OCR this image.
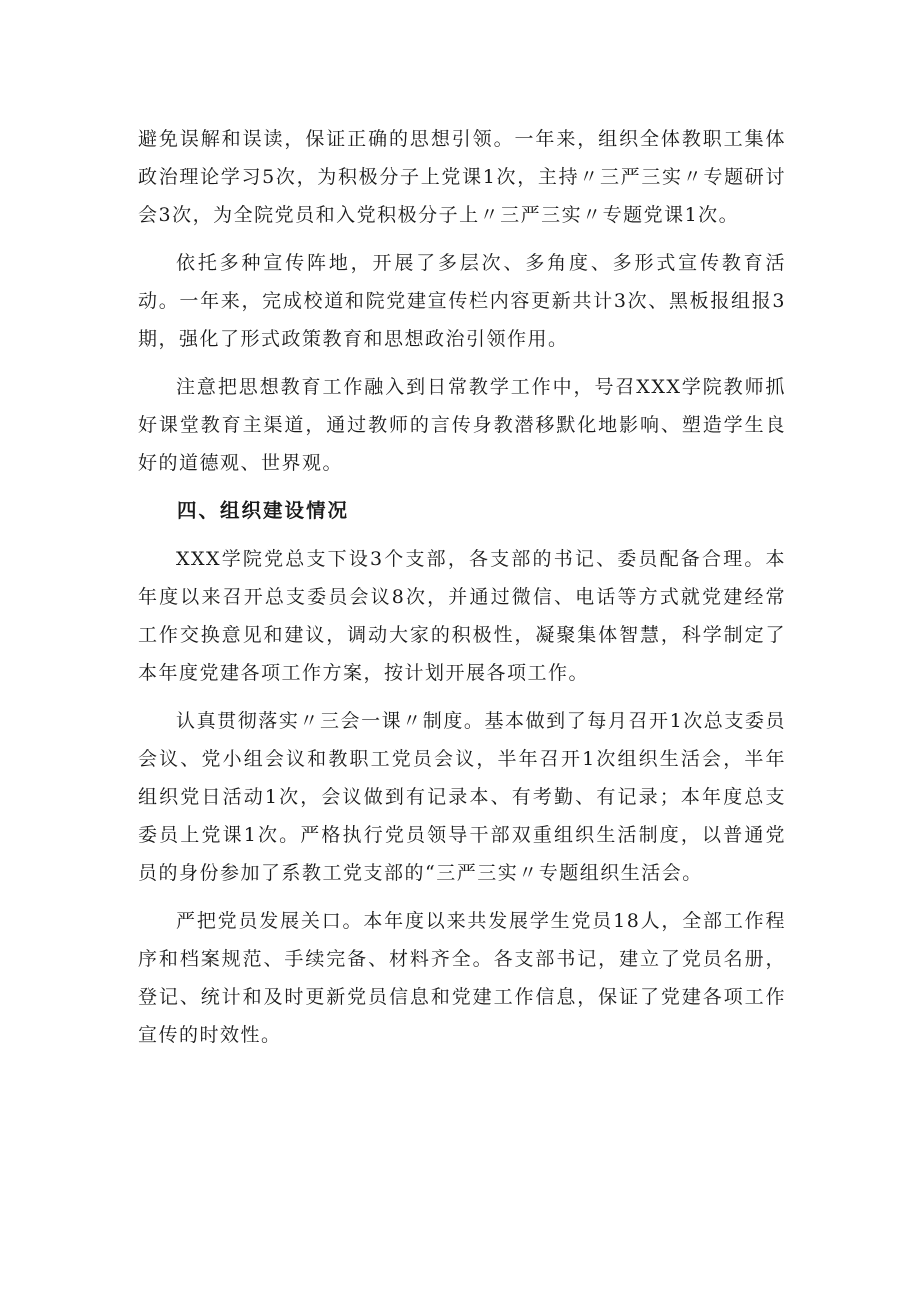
避免误解和误读，保证正确的思想引领。一年来，组织全体教职工集体政治理论学习5次，为积极分子上党课1次，主持〃三严三实〃专题研讨会3次，为全院党员和入党积极分子上〃三严三实〃专题党课1次。

依托多种宣传阵地，开展了多层次、多角度、多形式宣传教育活动。一年来，完成校道和院党建宣传栏内容更新共计3次、黑板报组报3期，强化了形式政策教育和思想政治引领作用。

注意把思想教育工作融入到日常教学工作中，号召XXX学院教师抓好课堂教育主渠道，通过教师的言传身教潜移默化地影响、塑造学生良好的道德观、世界观。

四、组织建设情况

XXX学院党总支下设3个支部，各支部的书记、委员配备合理。本年度以来召开总支委员会议8次，并通过微信、电话等方式就党建经常工作交换意见和建议，调动大家的积极性，凝聚集体智慧，科学制定了本年度党建各项工作方案，按计划开展各项工作。

认真贯彻落实〃三会一课〃制度。基本做到了每月召开1次总支委员会议、党小组会议和教职工党员会议，半年召开1次组织生活会，半年组织党日活动1次，会议做到有记录本、有考勤、有记录；本年度总支委员上党课1次。严格执行党员领导干部双重组织生活制度，以普通党员的身份参加了系教工党支部的“三严三实〃专题组织生活会。

严把党员发展关口。本年度以来共发展学生党员18人，全部工作程序和档案规范、手续完备、材料齐全。各支部书记，建立了党员名册，登记、统计和及时更新党员信息和党建工作信息，保证了党建各项工作宣传的时效性。
